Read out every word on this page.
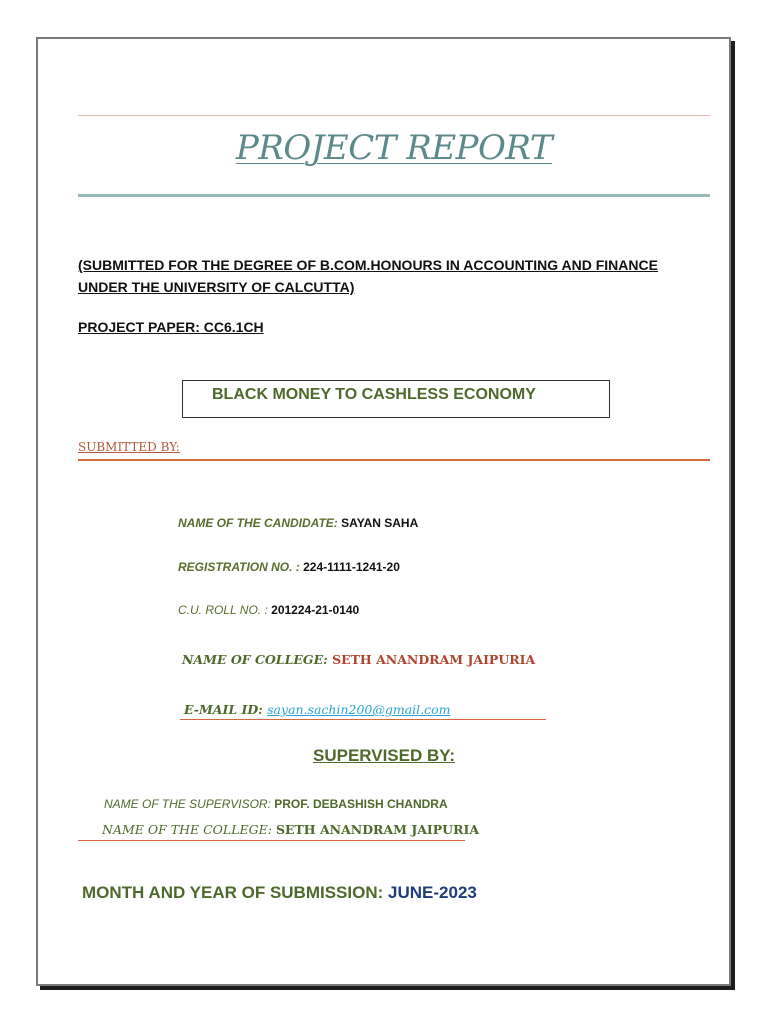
PROJECT REPORT
(SUBMITTED FOR THE DEGREE OF B.COM.HONOURS IN ACCOUNTING AND FINANCE
UNDER THE UNIVERSITY OF CALCUTTA)
PROJECT PAPER: CC6.1CH
BLACK MONEY TO CASHLESS ECONOMY
SUBMITTED BY:
NAME OF THE CANDIDATE: SAYAN SAHA
REGISTRATION NO. : 224-1111-1241-20
C.U. ROLL NO. : 201224-21-0140
NAME OF COLLEGE: SETH ANANDRAM JAIPURIA
E-MAIL ID: sayan.sachin200@gmail.com
SUPERVISED BY:
NAME OF THE SUPERVISOR: PROF. DEBASHISH CHANDRA
NAME OF THE COLLEGE: SETH ANANDRAM JAIPURIA
MONTH AND YEAR OF SUBMISSION: JUNE-2023
